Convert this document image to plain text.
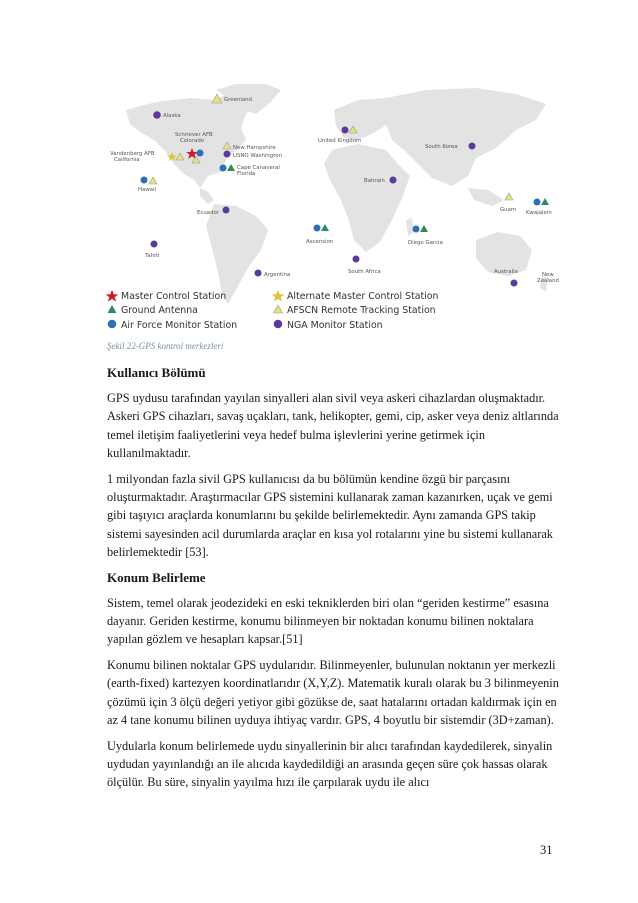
Greenland
Alaska
Schriever AFB Colorado
Vandenberg AFB California
New Hampshire
USNO Washington
Cape Canaveral Florida
Hawaii
Ecuador
Tahiti
Argentina
United Kingdom
South Korea
Bahrain
Guam Kwajalein
Ascension	Diego Garcia
South Africa	Australia	New Zealand
Master Control Station
Ground Antenna
Air Force Monitor Station
Alternate Master Control Station
AFSCN Remote Tracking Station
NGA Monitor Station
Şekil 22-GPS kontrol merkezleri
Kullanıcı Bölümü

GPS uydusu tarafından yayılan sinyalleri alan sivil veya askeri cihazlardan oluşmaktadır. Askeri GPS cihazları, savaş uçakları, tank, helikopter, gemi, cip, asker veya deniz altlarında temel iletişim faaliyetlerini veya hedef bulma işlevlerini yerine getirmek için kullanılmaktadır.

1 milyondan fazla sivil GPS kullanıcısı da bu bölümün kendine özgü bir parçasını oluşturmaktadır. Araştırmacılar GPS sistemini kullanarak zaman kazanırken, uçak ve gemi gibi taşıyıcı araçlarda konumlarını bu şekilde belirlemektedir. Aynı zamanda GPS takip sistemi sayesinden acil durumlarda araçlar en kısa yol rotalarını yine bu sistemi kullanarak belirlemektedir [53].

Konum Belirleme

Sistem, temel olarak jeodezideki en eski tekniklerden biri olan “geriden kestirme” esasına dayanır. Geriden kestirme, konumu bilinmeyen bir noktadan konumu bilinen noktalara yapılan gözlem ve hesapları kapsar.[51]

Konumu bilinen noktalar GPS uydularıdır. Bilinmeyenler, bulunulan noktanın yer merkezli (earth-fixed) kartezyen koordinatlarıdır (X,Y,Z). Matematik kuralı olarak bu 3 bilinmeyenin çözümü için 3 ölçü değeri yetiyor gibi gözükse de, saat hatalarını ortadan kaldırmak için en az 4 tane konumu bilinen uyduya ihtiyaç vardır. GPS, 4 boyutlu bir sistemdir (3D+zaman).

Uydularla konum belirlemede uydu sinyallerinin bir alıcı tarafından kaydedilerek, sinyalin uydudan yayınlandığı an ile alıcıda kaydedildiği an arasında geçen süre çok hassas olarak ölçülür. Bu süre, sinyalin yayılma hızı ile çarpılarak uydu ile alıcı

31
